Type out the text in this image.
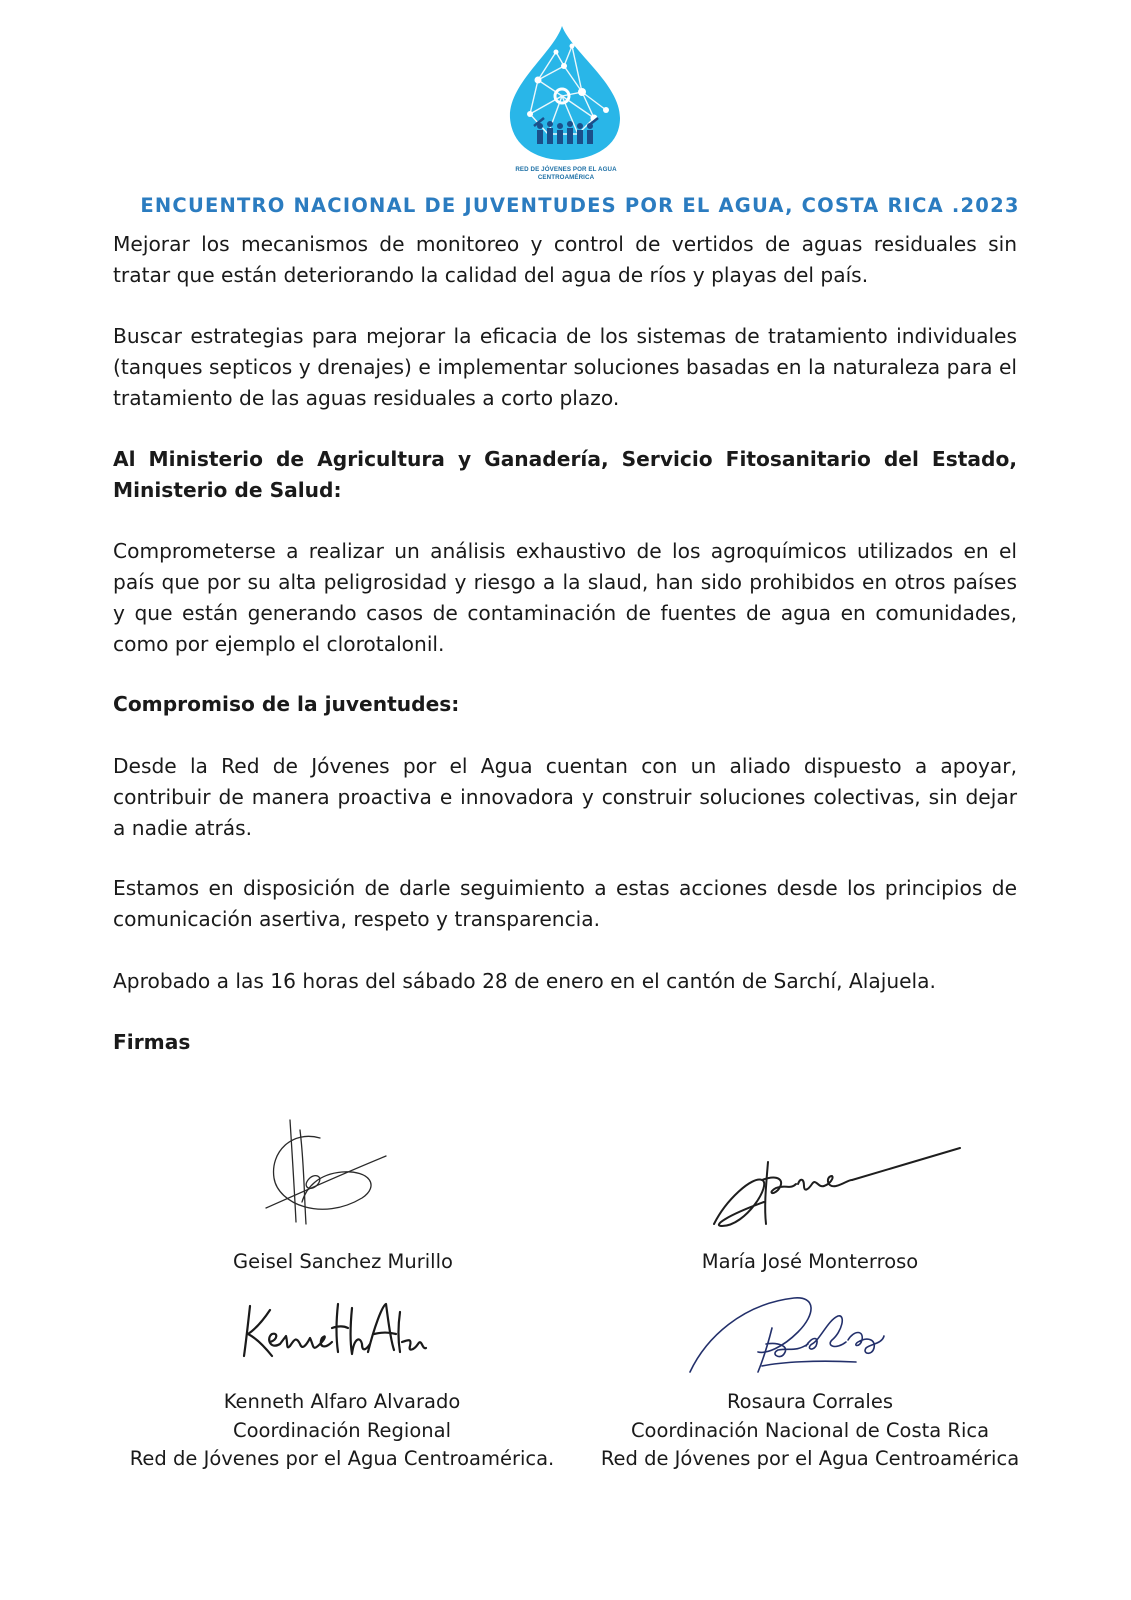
RED DE JÓVENES POR EL AGUA
CENTROAMÉRICA
ENCUENTRO NACIONAL DE JUVENTUDES POR EL AGUA, COSTA RICA .2023
Mejorar los mecanismos de monitoreo y control de vertidos de aguas residuales sin
tratar que están deteriorando la calidad del agua de ríos y playas del país.
Buscar estrategias para mejorar la eficacia de los sistemas de tratamiento individuales
(tanques septicos y drenajes) e implementar soluciones basadas en la naturaleza para el
tratamiento de las aguas residuales a corto plazo.
Al Ministerio de Agricultura y Ganadería, Servicio Fitosanitario del Estado,
Ministerio de Salud:
Comprometerse a realizar un análisis exhaustivo de los agroquímicos utilizados en el
país que por su alta peligrosidad y riesgo a la slaud, han sido prohibidos en otros países
y que están generando casos de contaminación de fuentes de agua en comunidades,
como por ejemplo el clorotalonil.
Compromiso de la juventudes:
Desde la Red de Jóvenes por el Agua cuentan con un aliado dispuesto a apoyar,
contribuir de manera proactiva e innovadora y construir soluciones colectivas, sin dejar
a nadie atrás.
Estamos en disposición de darle seguimiento a estas acciones desde los principios de
comunicación asertiva, respeto y transparencia.
Aprobado a las 16 horas del sábado 28 de enero en el cantón de Sarchí, Alajuela.
Firmas
Geisel Sanchez Murillo	María José Monterroso
Kenneth Alfaro Alvarado
Coordinación Regional
Red de Jóvenes por el Agua Centroamérica.
Rosaura Corrales
Coordinación Nacional de Costa Rica
Red de Jóvenes por el Agua Centroamérica
